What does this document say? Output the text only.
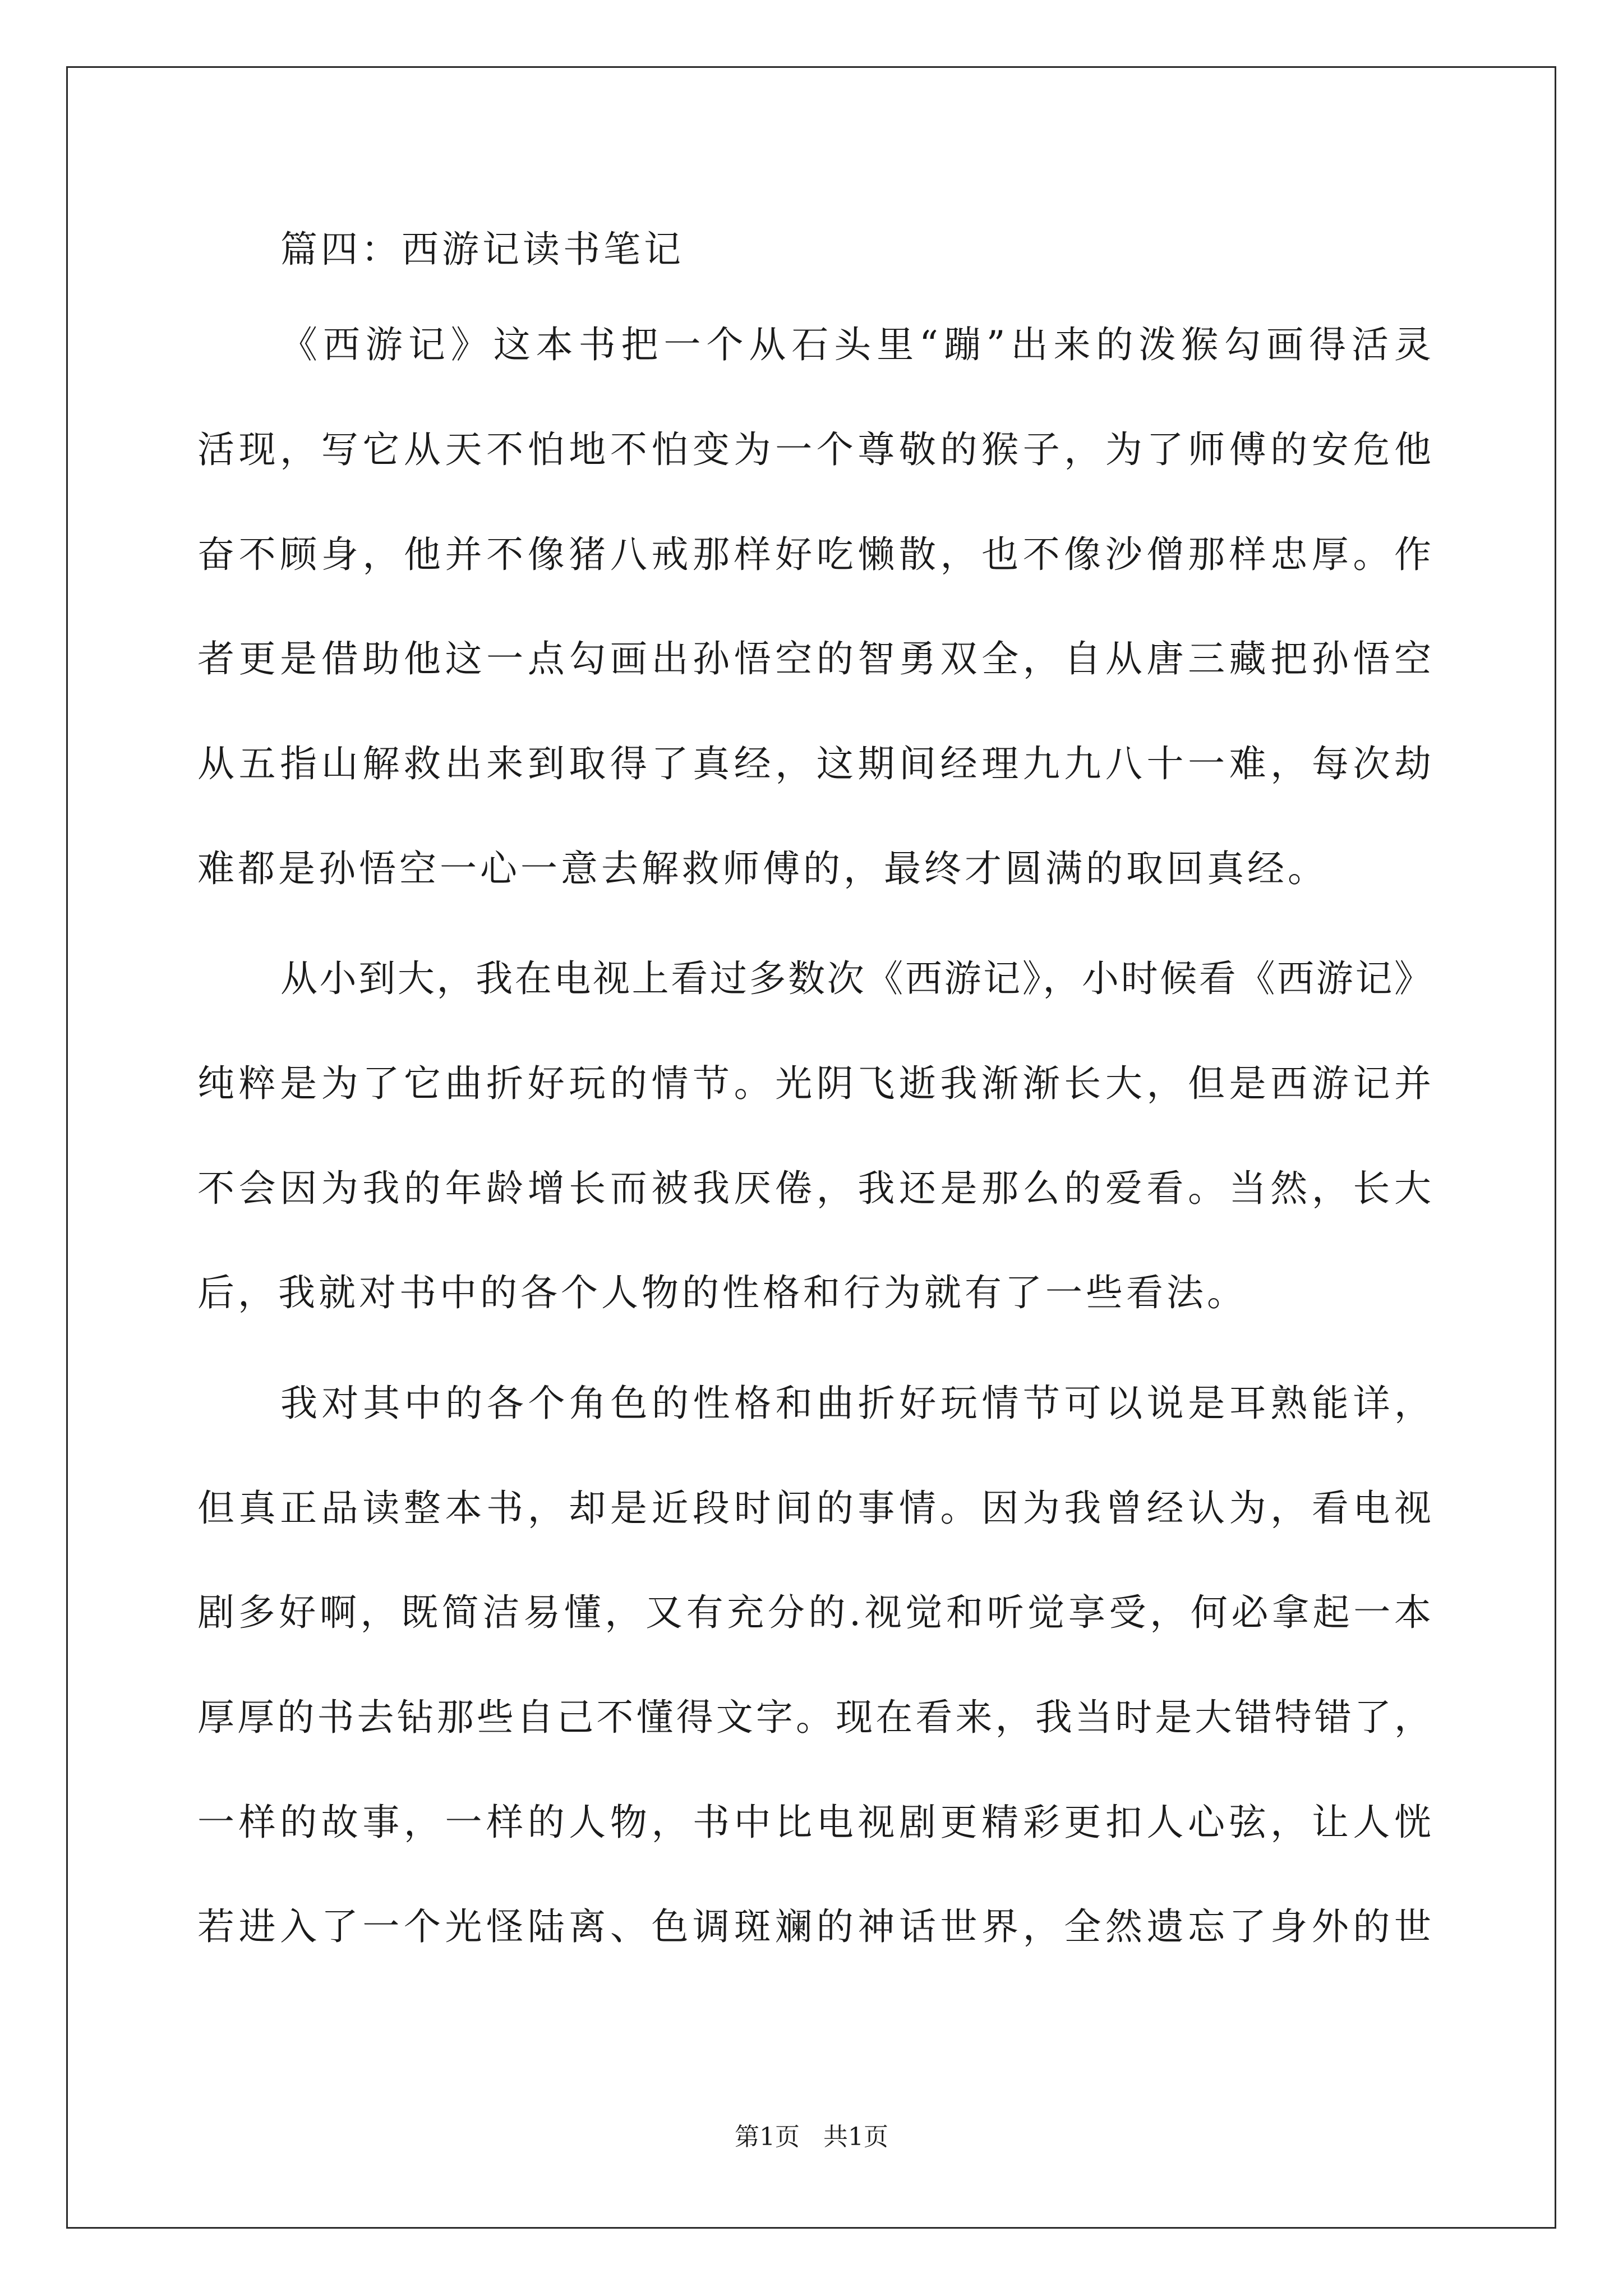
篇四：西游记读书笔记
《西游记》这本书把一个从石头里“蹦”出来的泼猴勾画得活灵
活现，写它从天不怕地不怕变为一个尊敬的猴子，为了师傅的安危他
奋不顾身，他并不像猪八戒那样好吃懒散，也不像沙僧那样忠厚。作
者更是借助他这一点勾画出孙悟空的智勇双全，自从唐三藏把孙悟空
从五指山解救出来到取得了真经，这期间经理九九八十一难，每次劫
难都是孙悟空一心一意去解救师傅的，最终才圆满的取回真经。
从小到大，我在电视上看过多数次《西游记》，小时候看《西游记》
纯粹是为了它曲折好玩的情节。光阴飞逝我渐渐长大，但是西游记并
不会因为我的年龄增长而被我厌倦，我还是那么的爱看。当然，长大
后，我就对书中的各个人物的性格和行为就有了一些看法。
我对其中的各个角色的性格和曲折好玩情节可以说是耳熟能详，
但真正品读整本书，却是近段时间的事情。因为我曾经认为，看电视
剧多好啊，既简洁易懂，又有充分的.视觉和听觉享受，何必拿起一本
厚厚的书去钻那些自己不懂得文字。现在看来，我当时是大错特错了，
一样的故事，一样的人物，书中比电视剧更精彩更扣人心弦，让人恍
若进入了一个光怪陆离、色调斑斓的神话世界，全然遗忘了身外的世
第1页 共1页
